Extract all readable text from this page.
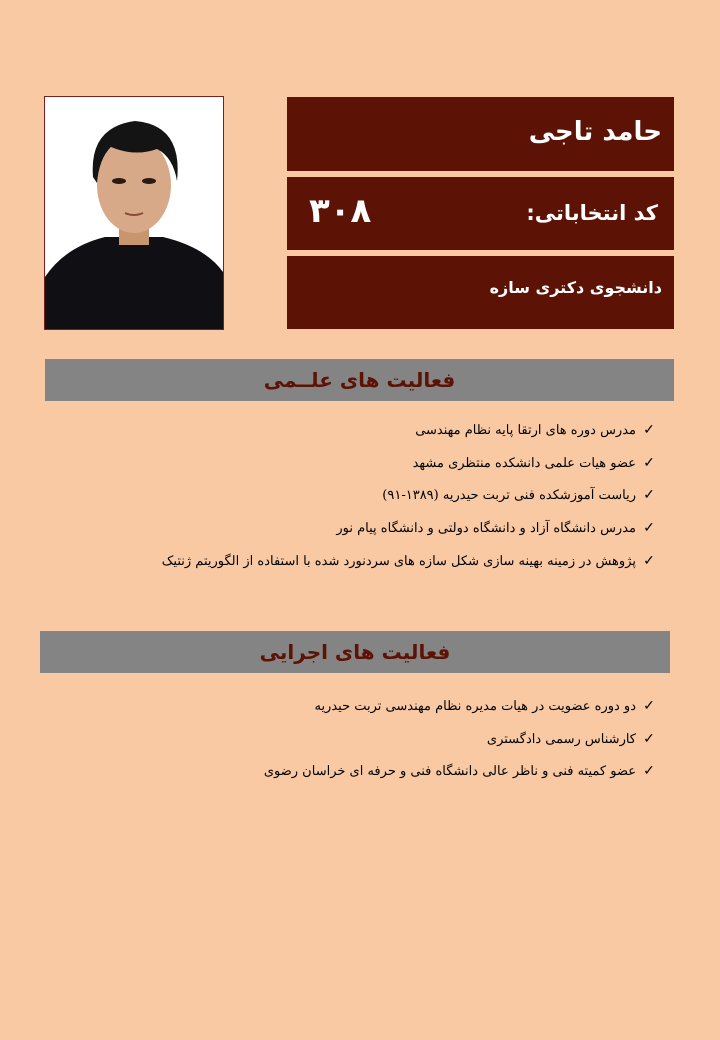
حامد تاجی
کد انتخاباتی:
۳۰۸
دانشجوی دکتری سازه
فعالیت های علــمی
✓مدرس دوره های ارتقا پایه نظام مهندسی
✓عضو هیات علمی دانشکده منتظری مشهد
✓ریاست آموزشکده فنی تربت حیدریه (۱۳۸۹-۹۱)
✓مدرس دانشگاه آزاد و دانشگاه دولتی و دانشگاه پیام نور
✓پژوهش در زمینه بهینه سازی شکل سازه های سردنورد شده با استفاده از الگوریتم ژنتیک
فعالیت های اجرایی
✓دو دوره عضویت در هیات مدیره نظام مهندسی تربت حیدریه
✓کارشناس رسمی دادگستری
✓عضو کمیته فنی و ناظر عالی دانشگاه فنی و حرفه ای خراسان رضوی
